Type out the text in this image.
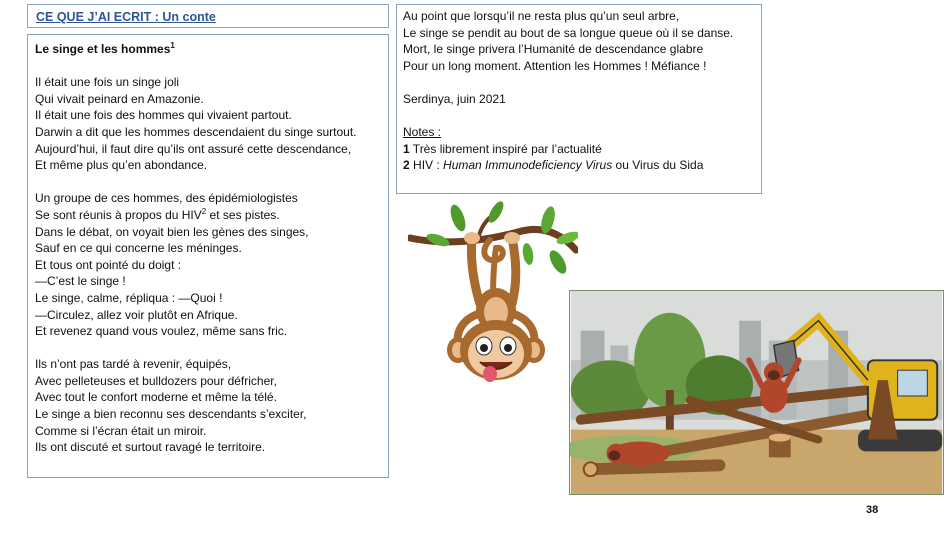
CE QUE J’AI ECRIT : Un conte
Le singe et les hommes$^1$
Il était une fois un singe joli
Qui vivait peinard en Amazonie.
Il était une fois des hommes qui vivaient partout.
Darwin a dit que les hommes descendaient du singe surtout.
Aujourd’hui, il faut dire qu’ils ont assuré cette descendance,
Et même plus qu’en abondance.
Un groupe de ces hommes, des épidémiologistes
Se sont réunis à propos du HIV$^2$ et ses pistes.
Dans le débat, on voyait bien les gènes des singes,
Sauf en ce qui concerne les méninges.
Et tous ont pointé du doigt :
—C’est le singe !
Le singe, calme, répliqua : —Quoi !
—Circulez, allez voir plutôt en Afrique.
Et revenez quand vous voulez, même sans fric.
Ils n’ont pas tardé à revenir, équipés,
Avec pelleteuses et bulldozers pour défricher,
Avec tout le confort moderne et même la télé.
Le singe a bien reconnu ses descendants s’exciter,
Comme si l’écran était un miroir.
Ils ont discuté et surtout ravagé le territoire.
Au point que lorsqu’il ne resta plus qu’un seul arbre,
Le singe se pendit au bout de sa longue queue où il se danse.
Mort, le singe privera l’Humanité de descendance glabre
Pour un long moment. Attention les Hommes ! Méfiance !
Serdinya, juin 2021
Notes :
1 Très librement inspiré par l’actualité
2 HIV : Human Immunodeficiency Virus ou Virus du Sida
38
